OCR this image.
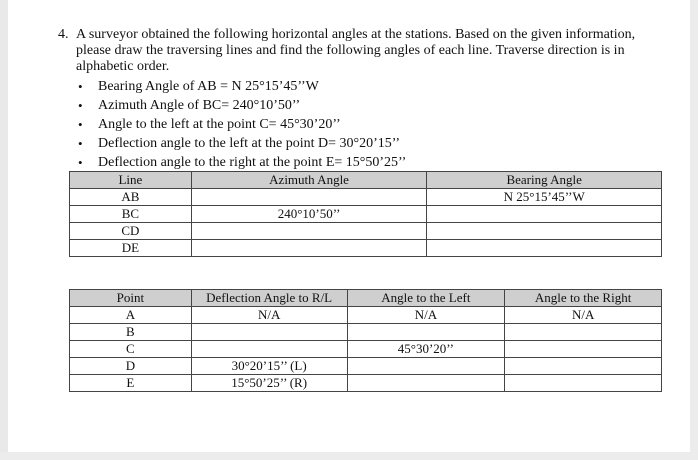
4. A surveyor obtained the following horizontal angles at the stations. Based on the given information, please draw the traversing lines and find the following angles of each line. Traverse direction is in alphabetic order.
• Bearing Angle of AB = N 25°15’45’’W
• Azimuth Angle of BC= 240°10’50’’
• Angle to the left at the point C= 45°30’20’’
• Deflection angle to the left at the point D= 30°20’15’’
• Deflection angle to the right at the point E= 15°50’25’’
Line	Azimuth Angle	Bearing Angle
AB		N 25°15’45’’W
BC	240°10’50’’	
CD		
DE		
Point	Deflection Angle to R/L	Angle to the Left	Angle to the Right
A	N/A	N/A	N/A
B			
C		45°30’20’’	
D	30°20’15’’ (L)		
E	15°50’25’’ (R)		
